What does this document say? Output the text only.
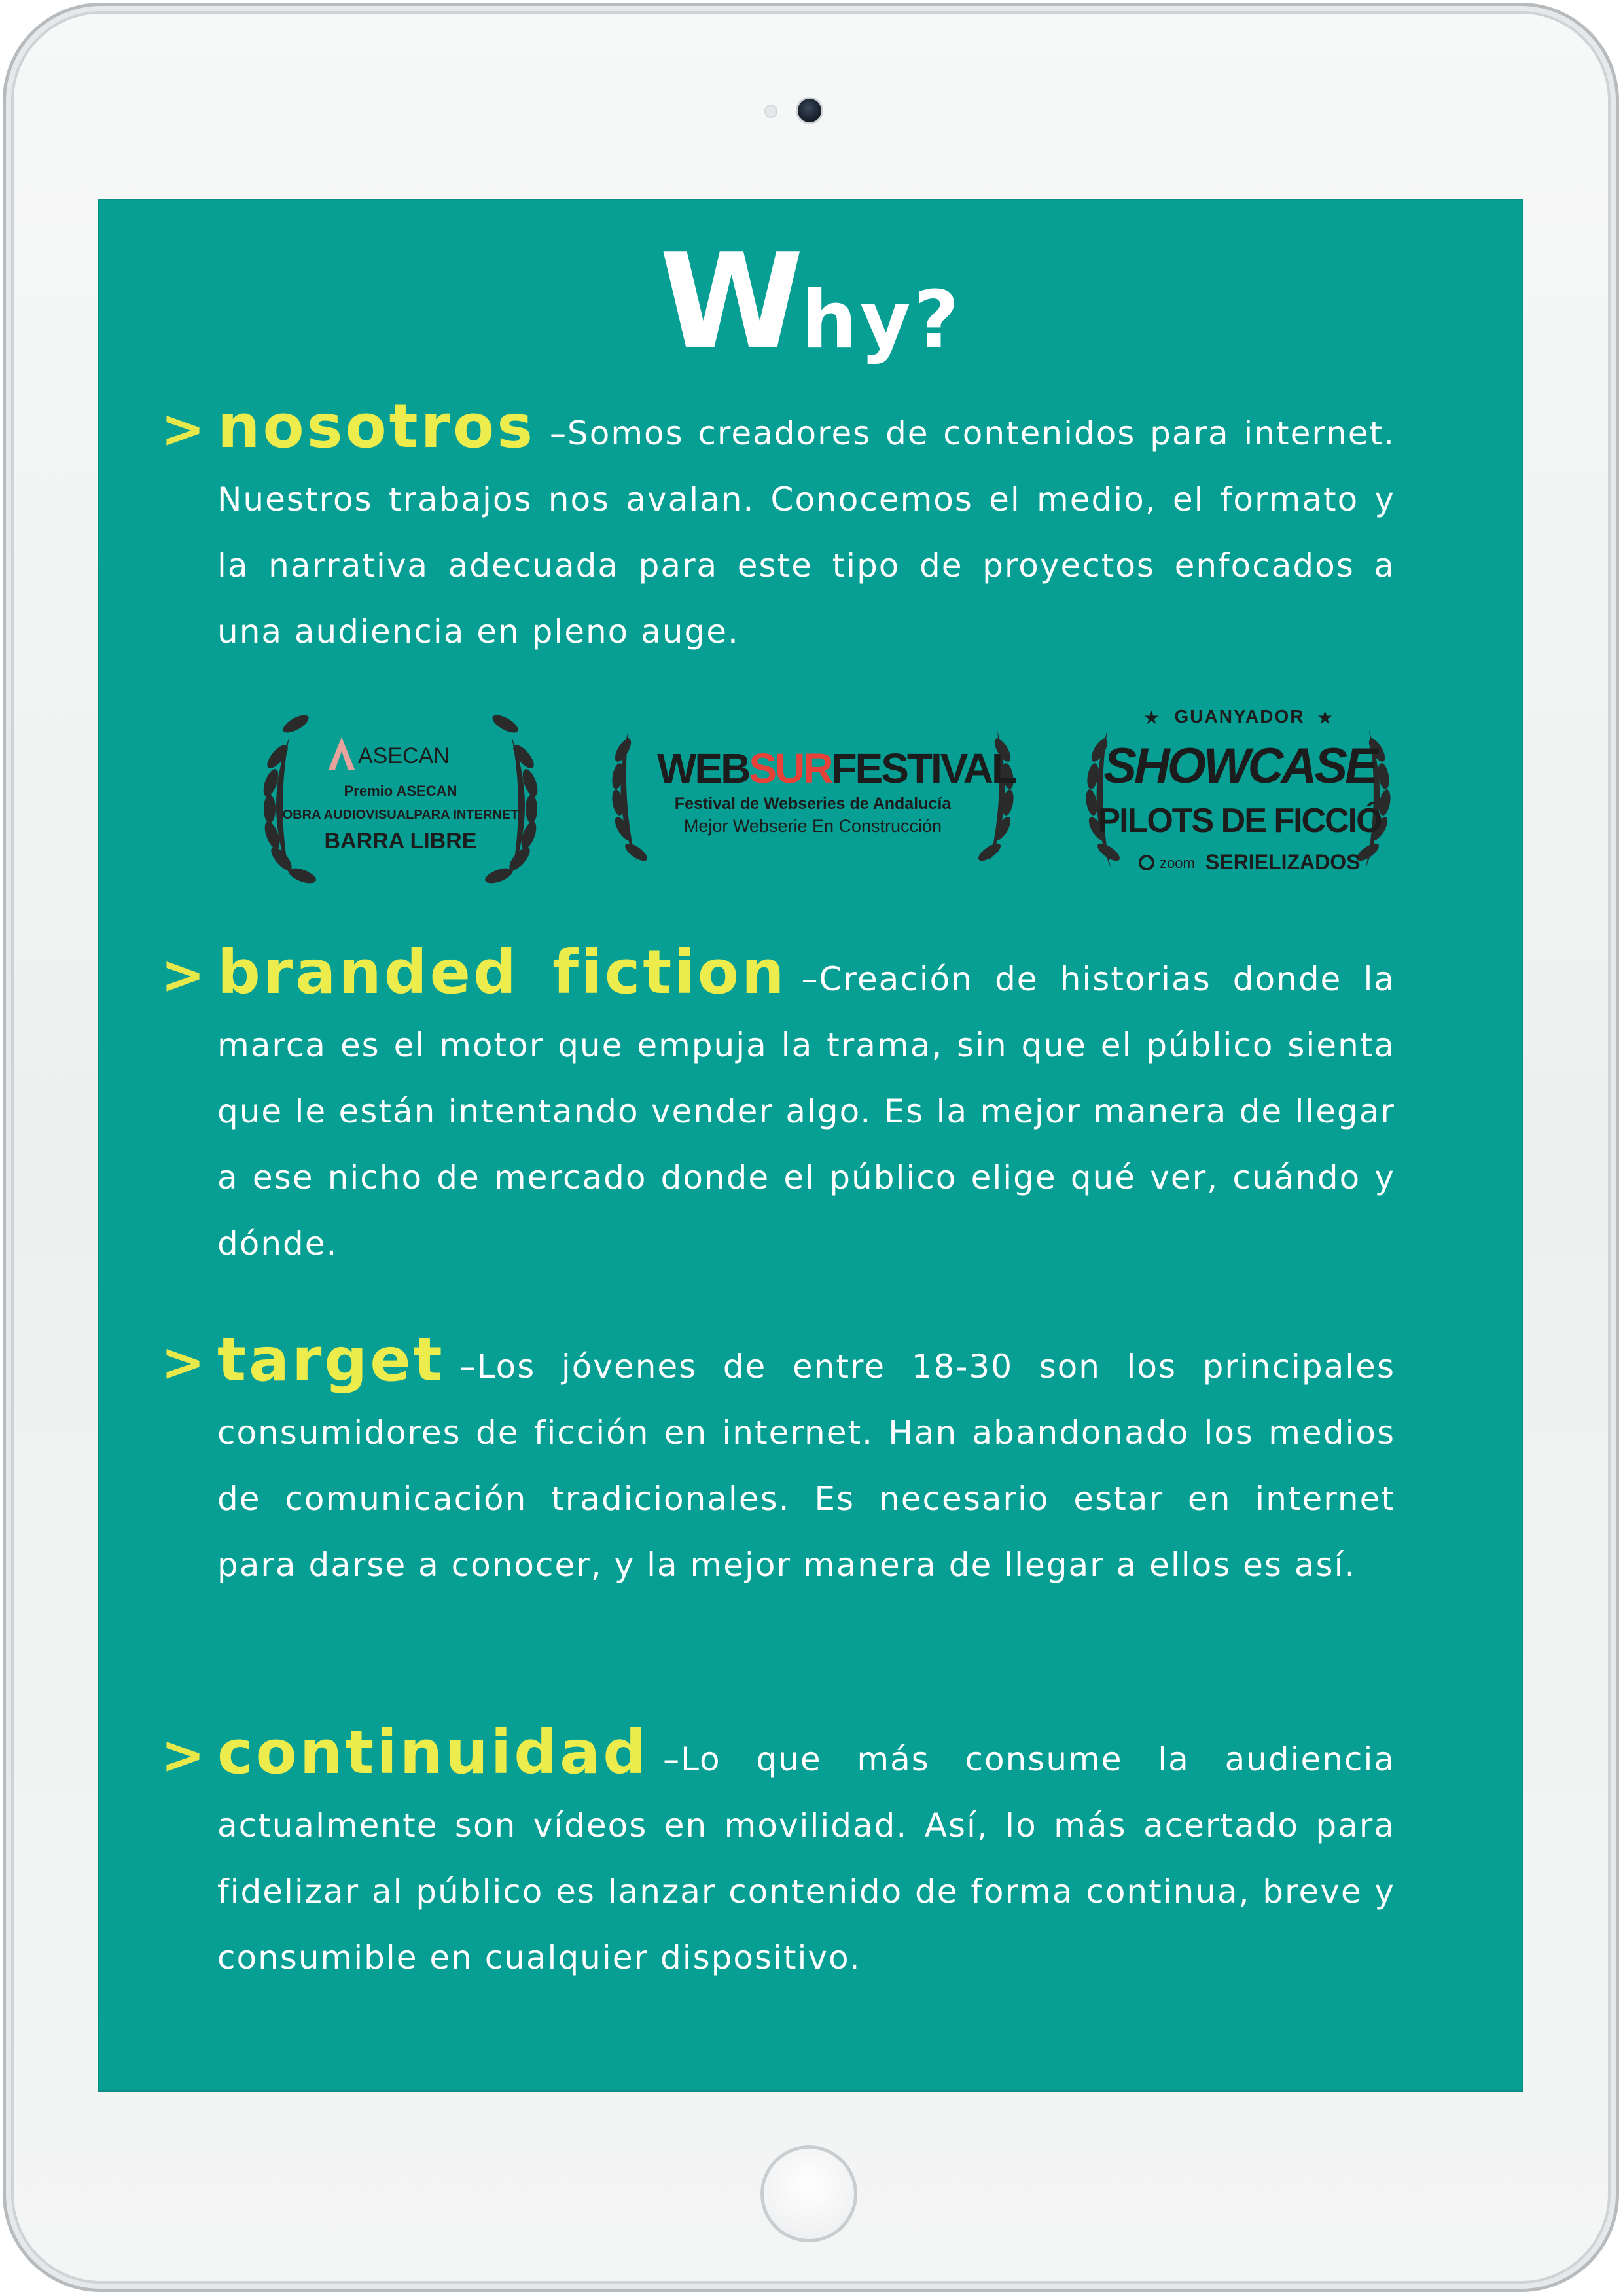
Why?
> nosotros –Somos creadores de contenidos para internet. Nuestros trabajos nos avalan. Conocemos el medio, el formato y la narrativa adecuada para este tipo de proyectos enfocados a una audiencia en pleno auge.
ASECAN
Premio ASECAN
OBRA AUDIOVISUALPARA INTERNET
BARRA LIBRE
WEBSURFESTIVAL
Festival de Webseries de Andalucía
Mejor Webserie En Construcción
★	★
GUANYADOR
SHOWCASE
PILOTS DE FICCIÓ
zoom SERIELIZADOS
> branded fiction –Creación de historias donde la marca es el motor que empuja la trama, sin que el público sienta que le están intentando vender algo. Es la mejor manera de llegar a ese nicho de mercado donde el público elige qué ver, cuándo y dónde.
> target –Los jóvenes de entre 18-30 son los principales consumidores de ficción en internet. Han abandonado los medios de comunicación tradicionales. Es necesario estar en internet para darse a conocer, y la mejor manera de llegar a ellos es así.
> continuidad –Lo que más consume la audiencia actualmente son vídeos en movilidad. Así, lo más acertado para fidelizar al público es lanzar contenido de forma continua, breve y consumible en cualquier dispositivo.
